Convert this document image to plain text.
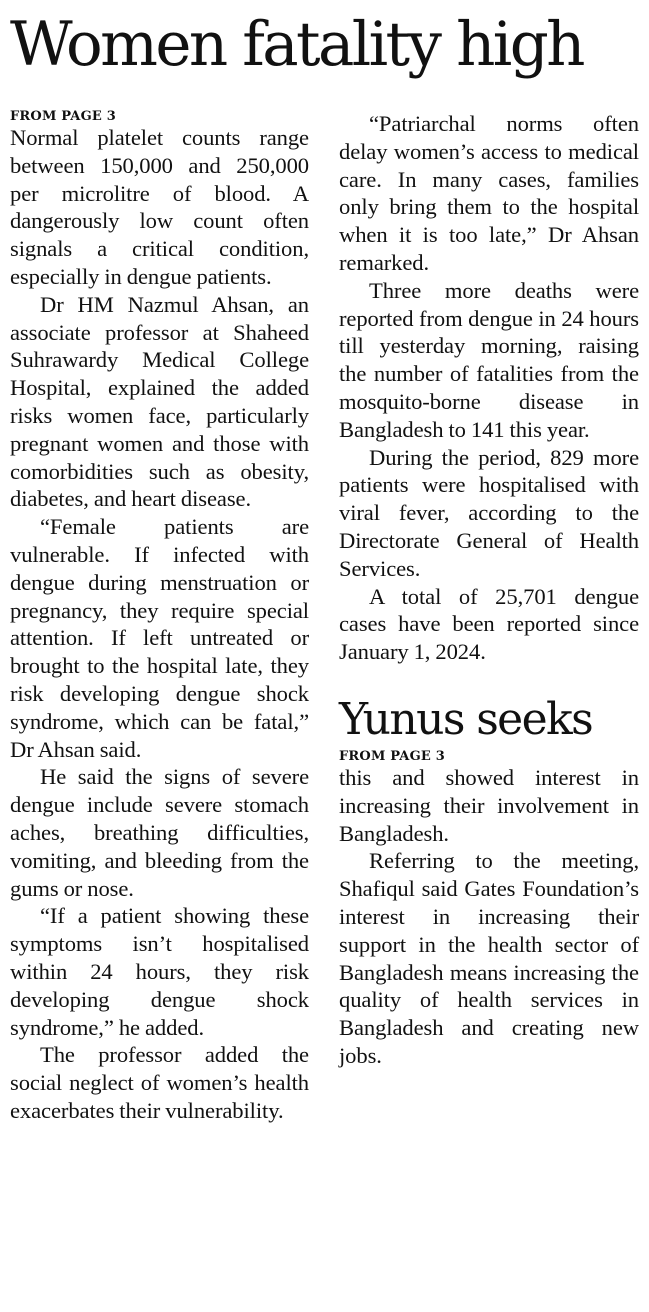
Women fatality high

FROM PAGE 3

Normal platelet counts range between 150,000 and 250,000 per microlitre of blood. A dangerously low count often signals a critical condition, especially in dengue patients.

Dr HM Nazmul Ahsan, an associate professor at Shaheed Suhrawardy Medical College Hospital, explained the added risks women face, particularly pregnant women and those with comorbidities such as obesity, diabetes, and heart disease.

“Female patients are vulnerable. If infected with dengue during menstruation or pregnancy, they require special attention. If left untreated or brought to the hospital late, they risk developing dengue shock syndrome, which can be fatal,” Dr Ahsan said.

He said the signs of severe dengue include severe stomach aches, breathing difficulties, vomiting, and bleeding from the gums or nose.

“If a patient showing these symptoms isn’t hospitalised within 24 hours, they risk developing dengue shock syndrome,” he added.

The professor added the social neglect of women’s health exacerbates their vulnerability.

“Patriarchal norms often delay women’s access to medical care. In many cases, families only bring them to the hospital when it is too late,” Dr Ahsan remarked.

Three more deaths were reported from dengue in 24 hours till yesterday morning, raising the number of fatalities from the mosquito-borne disease in Bangladesh to 141 this year.

During the period, 829 more patients were hospitalised with viral fever, according to the Directorate General of Health Services.

A total of 25,701 dengue cases have been reported since January 1, 2024.

Yunus seeks

FROM PAGE 3

this and showed interest in increasing their involvement in Bangladesh.

Referring to the meeting, Shafiqul said Gates Foundation’s interest in increasing their support in the health sector of Bangladesh means increasing the quality of health services in Bangladesh and creating new jobs.
